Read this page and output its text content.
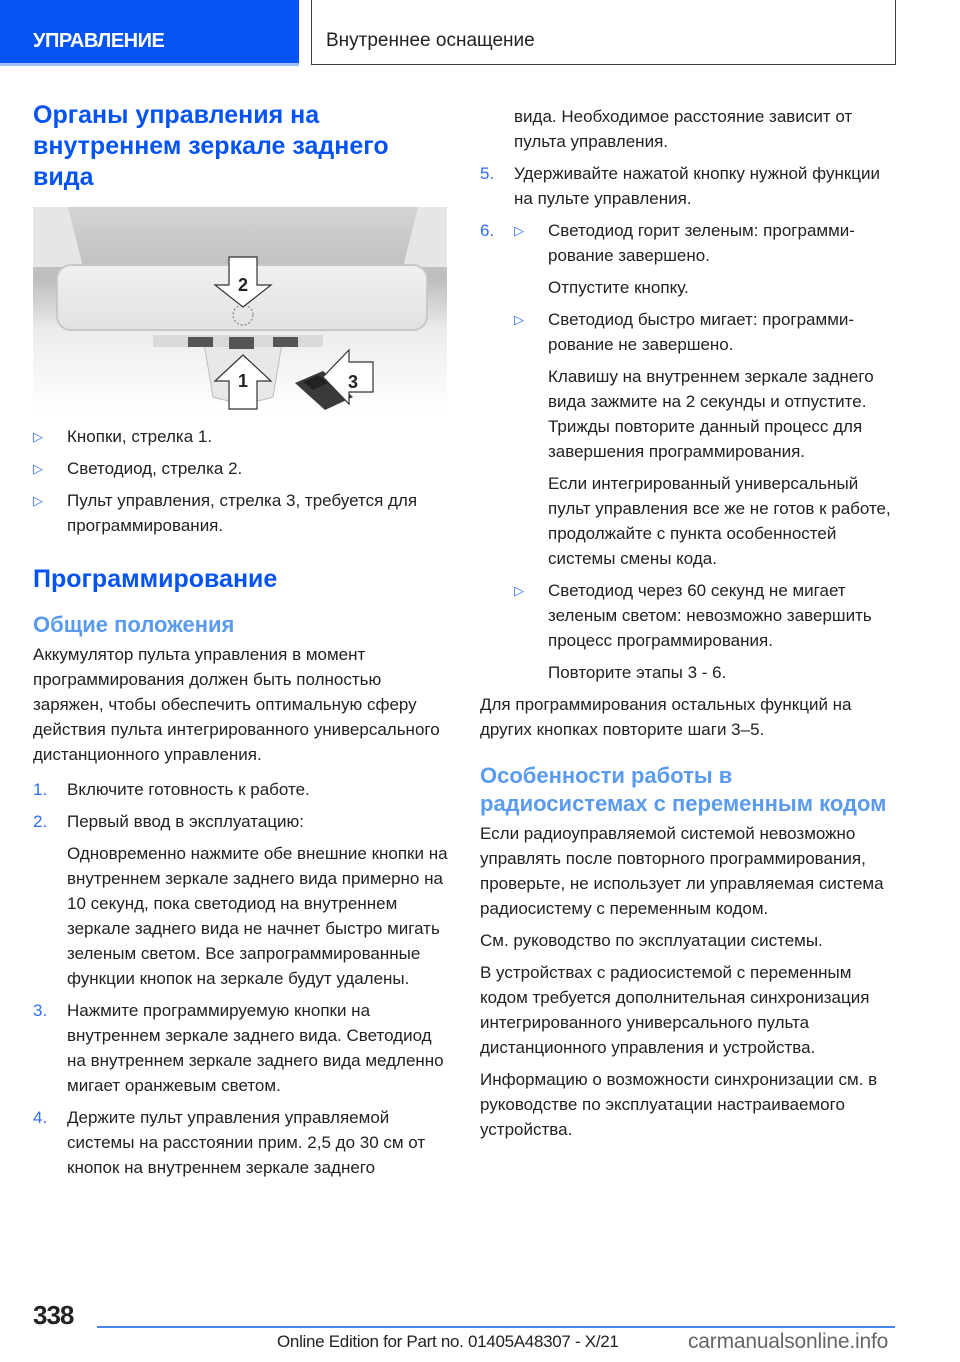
УПРАВЛЕНИЕ	Внутреннее оснащение
Органы управления на
внутреннем зеркале заднего
вида
2
1	3
▷	Кнопки, стрелка 1.
▷	Светодиод, стрелка 2.
▷	Пульт управления, стрелка 3, требуется для программирования.
Программирование
Общие положения

Аккумулятор пульта управления в момент программирования должен быть полностью заряжен, чтобы обеспечить оптимальную сферу действия пульта интегрированного универсального дистанционного управления.

1.	Включите готовность к работе.
2.	Первый ввод в эксплуатацию:
Одновременно нажмите обе внешние кнопки на внутреннем зеркале заднего вида примерно на 10 секунд, пока светодиод на внутреннем зеркале заднего вида не начнет быстро мигать зеленым светом. Все запрограммированные функции кнопок на зеркале будут удалены.
3.	Нажмите программируемую кнопки на внутреннем зеркале заднего вида. Светодиод на внутреннем зеркале заднего вида медленно мигает оранжевым светом.
4.	Держите пульт управления управляемой системы на расстоянии прим. 2,5 до 30 см от кнопок на внутреннем зеркале заднего
вида. Необходимое расстояние зависит от пульта управления.
5.	Удерживайте нажатой кнопку нужной функции на пульте управления.
6.	▷	Светодиод горит зеленым: программирование завершено.
Отпустите кнопку.
▷	Светодиод быстро мигает: программирование не завершено.
Клавишу на внутреннем зеркале заднего вида зажмите на 2 секунды и отпустите. Трижды повторите данный процесс для завершения программирования.
Если интегрированный универсальный пульт управления все же не готов к работе, продолжайте с пункта особенностей системы смены кода.
▷	Светодиод через 60 секунд не мигает зеленым светом: невозможно завершить процесс программирования.
Повторите этапы 3 - 6.

Для программирования остальных функций на других кнопках повторите шаги 3–5.

Особенности работы в радиосистемах с переменным кодом

Если радиоуправляемой системой невозможно управлять после повторного программирования, проверьте, не использует ли управляемая система радиосистему с переменным кодом.

См. руководство по эксплуатации системы.

В устройствах с радиосистемой с переменным кодом требуется дополнительная синхронизация интегрированного универсального пульта дистанционного управления и устройства.

Информацию о возможности синхронизации см. в руководстве по эксплуатации настраиваемого устройства.

338
Online Edition for Part no. 01405A48307 - X/21	carmanualsonline.info
